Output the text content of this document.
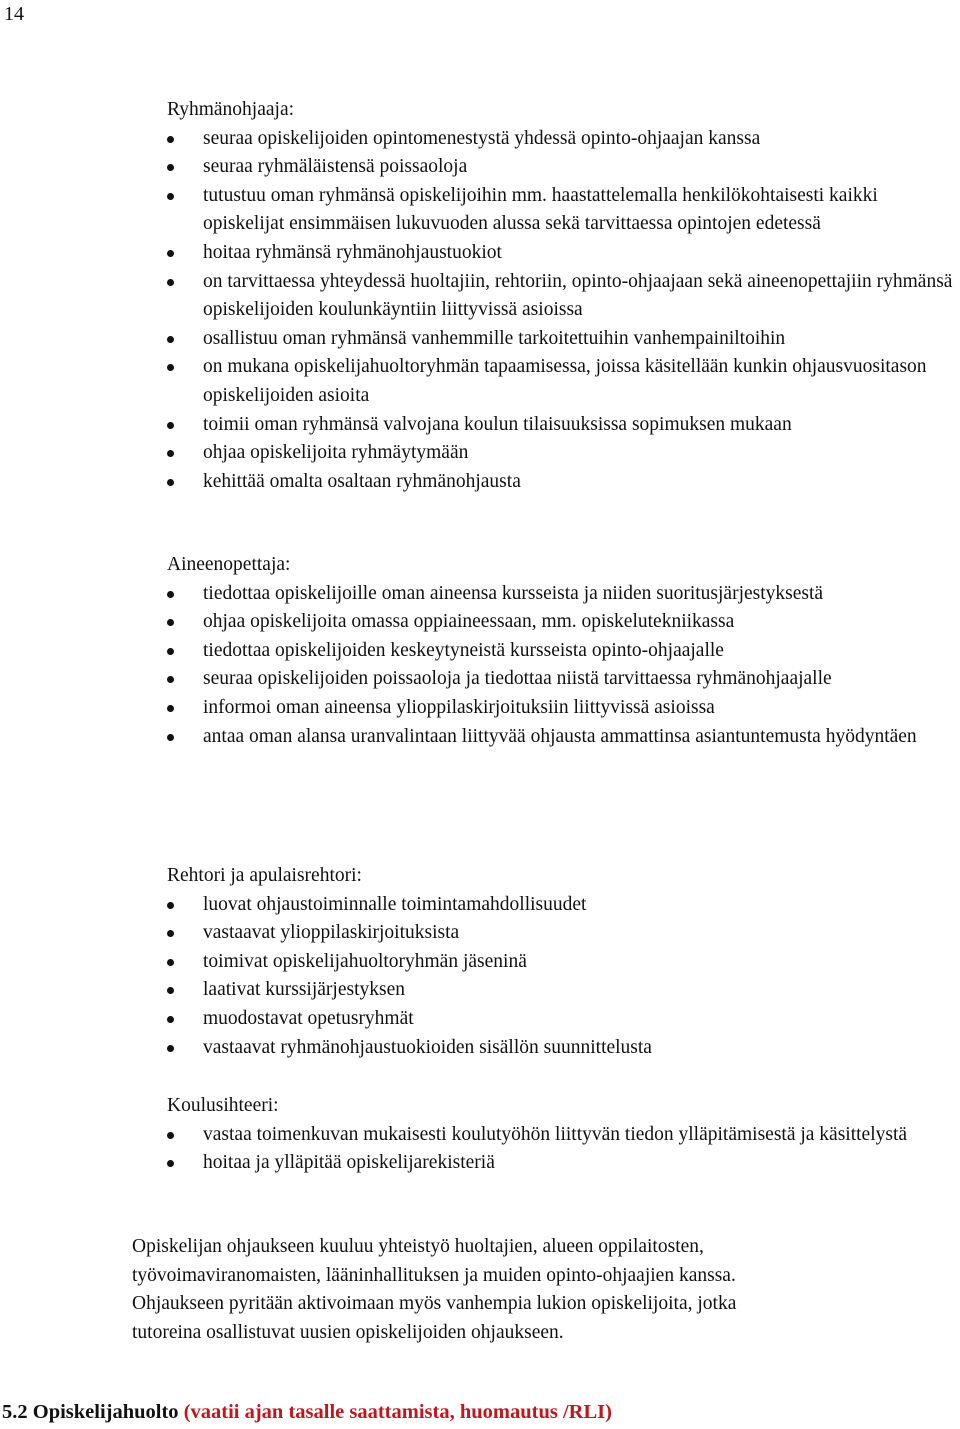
14
Ryhmänohjaaja:
seuraa opiskelijoiden opintomenestystä yhdessä opinto-ohjaajan kanssa
seuraa ryhmäläistensä poissaoloja
tutustuu oman ryhmänsä opiskelijoihin mm. haastattelemalla henkilökohtaisesti kaikki opiskelijat ensimmäisen lukuvuoden alussa sekä tarvittaessa opintojen edetessä
hoitaa ryhmänsä ryhmänohjaustuokiot
on tarvittaessa yhteydessä huoltajiin, rehtoriin, opinto-ohjaajaan sekä aineenopettajiin ryhmänsä opiskelijoiden koulunkäyntiin liittyvissä asioissa
osallistuu oman ryhmänsä vanhemmille tarkoitettuihin vanhempainiltoihin
on mukana opiskelijahuoltoryhmän tapaamisessa, joissa käsitellään kunkin ohjausvuositason opiskelijoiden asioita
toimii oman ryhmänsä valvojana koulun tilaisuuksissa sopimuksen mukaan
ohjaa opiskelijoita ryhmäytymään
kehittää omalta osaltaan ryhmänohjausta
Aineenopettaja:
tiedottaa opiskelijoille oman aineensa kursseista ja niiden suoritusjärjestyksestä
ohjaa opiskelijoita omassa oppiaineessaan, mm. opiskelutekniikassa
tiedottaa opiskelijoiden keskeytyneistä kursseista opinto-ohjaajalle
seuraa opiskelijoiden poissaoloja ja tiedottaa niistä tarvittaessa ryhmänohjaajalle
informoi oman aineensa ylioppilaskirjoituksiin liittyvissä asioissa
antaa oman alansa uranvalintaan liittyvää ohjausta ammattinsa asiantuntemusta hyödyntäen
Rehtori ja apulaisrehtori:
luovat ohjaustoiminnalle toimintamahdollisuudet
vastaavat ylioppilaskirjoituksista
toimivat opiskelijahuoltoryhmän jäseninä
laativat kurssijärjestyksen
muodostavat opetusryhmät
vastaavat ryhmänohjaustuokioiden sisällön suunnittelusta
Koulusihteeri:
vastaa toimenkuvan mukaisesti koulutyöhön liittyvän tiedon ylläpitämisestä ja käsittelystä
hoitaa ja ylläpitää opiskelijarekisteriä

Opiskelijan ohjaukseen kuuluu yhteistyö huoltajien, alueen oppilaitosten,
työvoimaviranomaisten, lääninhallituksen ja muiden opinto-ohjaajien kanssa.
Ohjaukseen pyritään aktivoimaan myös vanhempia lukion opiskelijoita, jotka
tutoreina osallistuvat uusien opiskelijoiden ohjaukseen.

5.2 Opiskelijahuolto (vaatii ajan tasalle saattamista, huomautus /RLI)
